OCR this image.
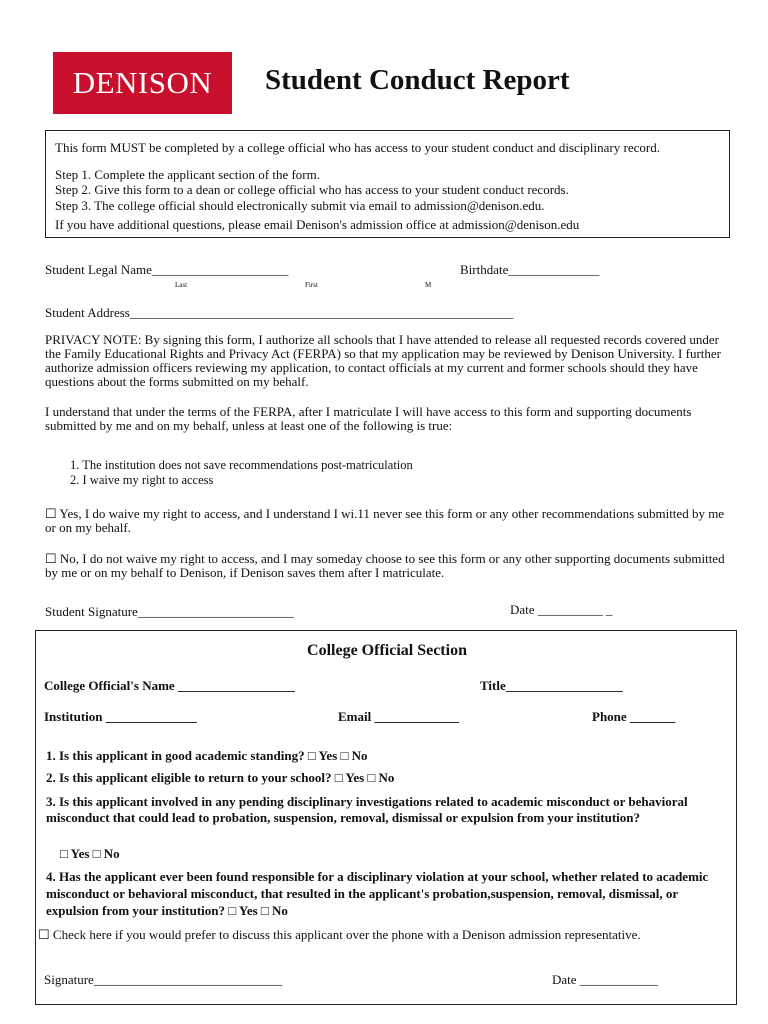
DENISON	Student Conduct Report
This form MUST be completed by a college official who has access to your student conduct and disciplinary record.
Step 1. Complete the applicant section of the form.
Step 2. Give this form to a dean or college official who has access to your student conduct records.
Step 3. The college official should electronically submit via email to admission@denison.edu.
If you have additional questions, please email Denison's admission office at admission@denison.edu
Student Legal Name_____________________
Last	First	M
Birthdate______________
Student Address___________________________________________________________
PRIVACY NOTE: By signing this form, I authorize all schools that I have attended to release all requested records covered under the Family Educational Rights and Privacy Act (FERPA) so that my application may be reviewed by Denison University. I further authorize admission officers reviewing my application, to contact officials at my current and former schools should they have questions about the forms submitted on my behalf.
I understand that under the terms of the FERPA, after I matriculate I will have access to this form and supporting documents submitted by me and on my behalf, unless at least one of the following is true:
1. The institution does not save recommendations post-matriculation
2. I waive my right to access
☐ Yes, I do waive my right to access, and I understand I wi.11 never see this form or any other recommendations submitted by me or on my behalf.
☐ No, I do not waive my right to access, and I may someday choose to see this form or any other supporting documents submitted by me or on my behalf to Denison, if Denison saves them after I matriculate.
Student Signature________________________	Date __________ _
College Official Section
College Official's Name __________________	Title__________________
Institution ______________	Email _____________	Phone _______
1. Is this applicant in good academic standing? □ Yes □ No
2. Is this applicant eligible to return to your school? □ Yes □ No
3. Is this applicant involved in any pending disciplinary investigations related to academic misconduct or behavioral misconduct that could lead to probation, suspension, removal, dismissal or expulsion from your institution?
□ Yes □ No
4. Has the applicant ever been found responsible for a disciplinary violation at your school, whether related to academic misconduct or behavioral misconduct, that resulted in the applicant's probation,suspension, removal, dismissal, or expulsion from your institution? □ Yes □ No
☐ Check here if you would prefer to discuss this applicant over the phone with a Denison admission representative.
Signature_____________________________	Date ____________
